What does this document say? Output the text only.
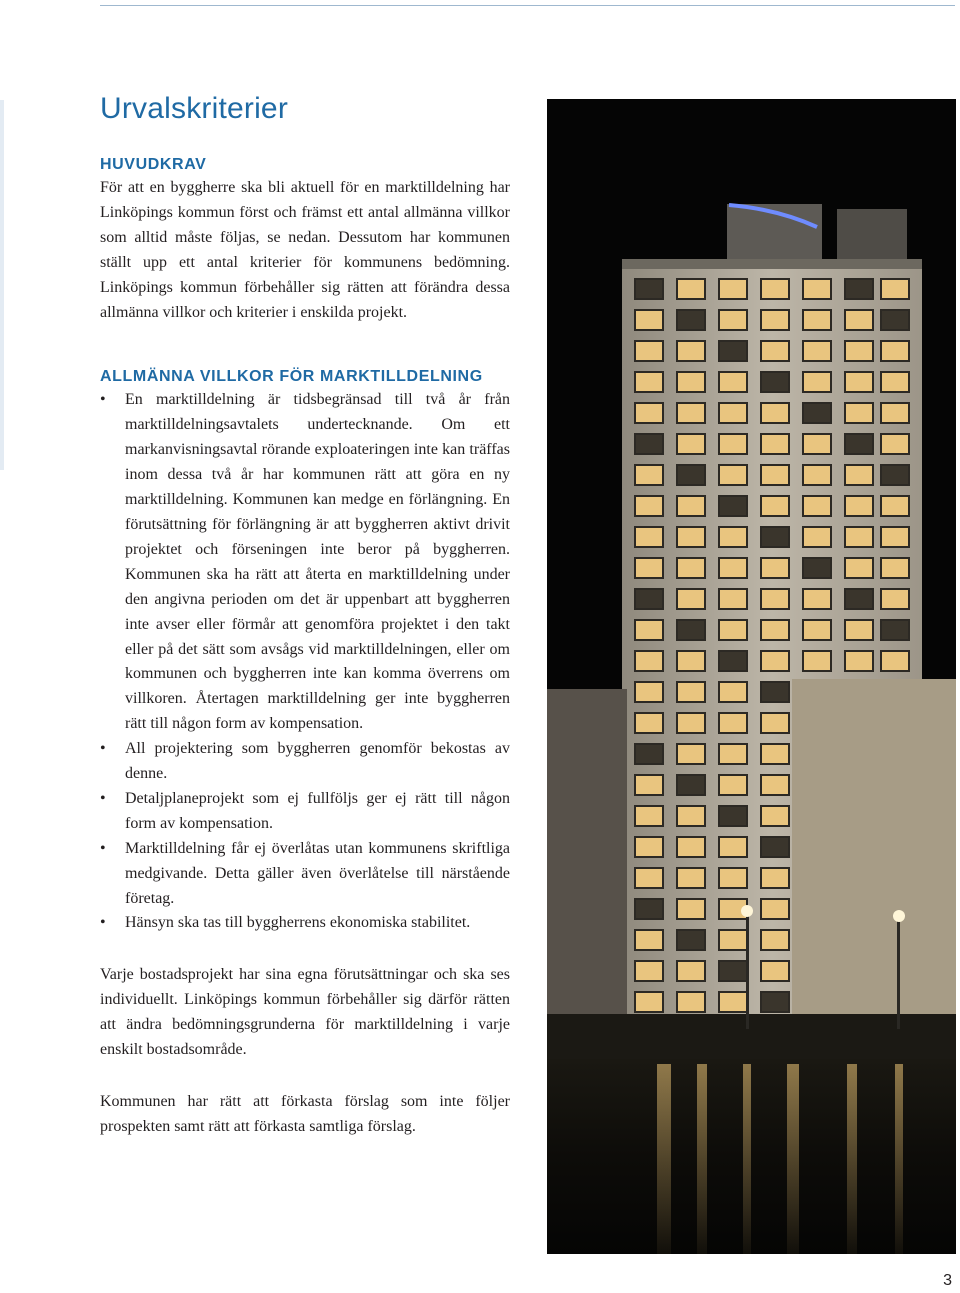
Urvalskriterier
HUVUDKRAV

För att en byggherre ska bli aktuell för en marktilldelning har Linköpings kommun först och främst ett antal allmänna villkor som alltid måste följas, se nedan. Dessutom har kommunen ställt upp ett antal kriterier för kommunens bedömning. Linköpings kommun förbehåller sig rätten att förändra dessa allmänna villkor och kriterier i enskilda projekt.

ALLMÄNNA VILLKOR FÖR MARKTILLDELNING
• En marktilldelning är tidsbegränsad till två år från marktilldelningsavtalets undertecknande. Om ett markanvisningsavtal rörande exploateringen inte kan träffas inom dessa två år har kommunen rätt att göra en ny marktilldelning. Kommunen kan medge en förlängning. En förutsättning för förlängning är att byggherren aktivt drivit projektet och förseningen inte beror på byggherren. Kommunen ska ha rätt att återta en marktilldelning under den angivna perioden om det är uppenbart att byggherren inte avser eller förmår att genomföra projektet i den takt eller på det sätt som avsågs vid marktilldelningen, eller om kommunen och byggherren inte kan komma överrens om villkoren. Återtagen marktilldelning ger inte byggherren rätt till någon form av kompensation.
• All projektering som byggherren genomför bekostas av denne.
• Detaljplaneprojekt som ej fullföljs ger ej rätt till någon form av kompensation.
• Marktilldelning får ej överlåtas utan kommunens skriftliga medgivande. Detta gäller även överlåtelse till närstående företag.
• Hänsyn ska tas till byggherrens ekonomiska stabilitet.

Varje bostadsprojekt har sina egna förutsättningar och ska ses individuellt. Linköpings kommun förbehåller sig därför rätten att ändra bedömningsgrunderna för marktilldelning i varje enskilt bostadsområde.

Kommunen har rätt att förkasta förslag som inte följer prospekten samt rätt att förkasta samtliga förslag.

3
